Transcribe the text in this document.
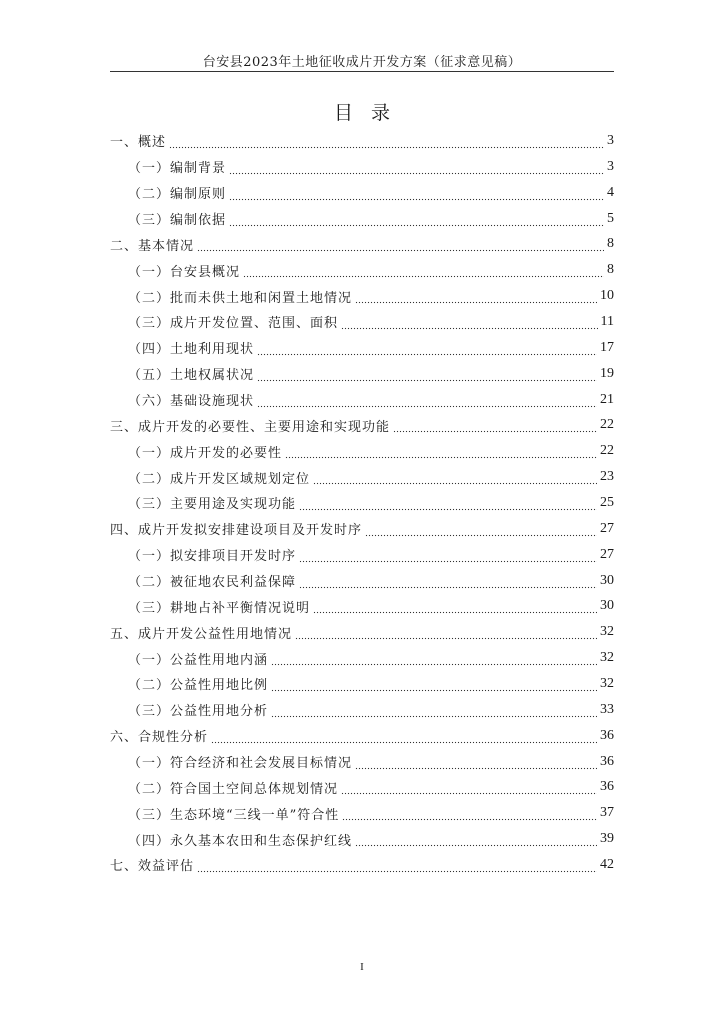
台安县2023年土地征收成片开发方案（征求意见稿）
目录
一、概述	3
（一）编制背景	3
（二）编制原则	4
（三）编制依据	5
二、基本情况	8
（一）台安县概况	8
（二）批而未供土地和闲置土地情况	10
（三）成片开发位置、范围、面积	11
（四）土地利用现状	17
（五）土地权属状况	19
（六）基础设施现状	21
三、成片开发的必要性、主要用途和实现功能	22
（一）成片开发的必要性	22
（二）成片开发区域规划定位	23
（三）主要用途及实现功能	25
四、成片开发拟安排建设项目及开发时序	27
（一）拟安排项目开发时序	27
（二）被征地农民利益保障	30
（三）耕地占补平衡情况说明	30
五、成片开发公益性用地情况	32
（一）公益性用地内涵	32
（二）公益性用地比例	32
（三）公益性用地分析	33
六、合规性分析	36
（一）符合经济和社会发展目标情况	36
（二）符合国土空间总体规划情况	36
（三）生态环境“三线一单”符合性	37
（四）永久基本农田和生态保护红线	39
七、效益评估	42
I
